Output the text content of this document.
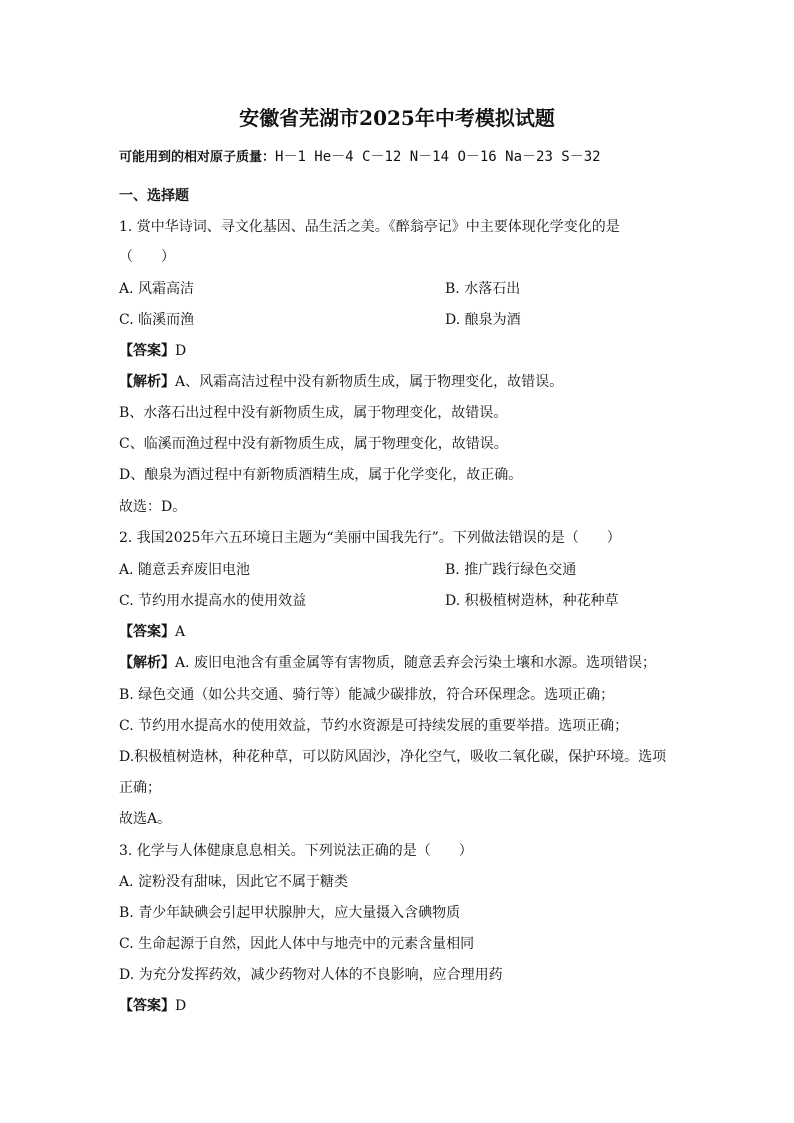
安徽省芜湖市2025年中考模拟试题
可能用到的相对原子质量：H－1 He－4 C－12 N－14 O－16 Na－23 S－32
一、选择题
1. 赏中华诗词、寻文化基因、品生活之美。《醉翁亭记》中主要体现化学变化的是
（　　）
A. 风霜高洁	B. 水落石出
C. 临溪而渔	D. 酿泉为酒
【答案】D
【解析】A、风霜高洁过程中没有新物质生成，属于物理变化，故错误。
B、水落石出过程中没有新物质生成，属于物理变化，故错误。
C、临溪而渔过程中没有新物质生成，属于物理变化，故错误。
D、酿泉为酒过程中有新物质酒精生成，属于化学变化，故正确。
故选：D。
2. 我国2025年六五环境日主题为“美丽中国我先行”。下列做法错误的是（　　）
A. 随意丢弃废旧电池	B. 推广践行绿色交通
C. 节约用水提高水的使用效益	D. 积极植树造林，种花种草
【答案】A
【解析】A. 废旧电池含有重金属等有害物质，随意丢弃会污染土壤和水源。选项错误；
B. 绿色交通（如公共交通、骑行等）能减少碳排放，符合环保理念。选项正确；
C. 节约用水提高水的使用效益，节约水资源是可持续发展的重要举措。选项正确；
D.积极植树造林，种花种草，可以防风固沙，净化空气，吸收二氧化碳，保护环境。选项
正确；
故选A。
3. 化学与人体健康息息相关。下列说法正确的是（　　）
A. 淀粉没有甜味，因此它不属于糖类
B. 青少年缺碘会引起甲状腺肿大，应大量摄入含碘物质
C. 生命起源于自然，因此人体中与地壳中的元素含量相同
D. 为充分发挥药效，减少药物对人体的不良影响，应合理用药
【答案】D
